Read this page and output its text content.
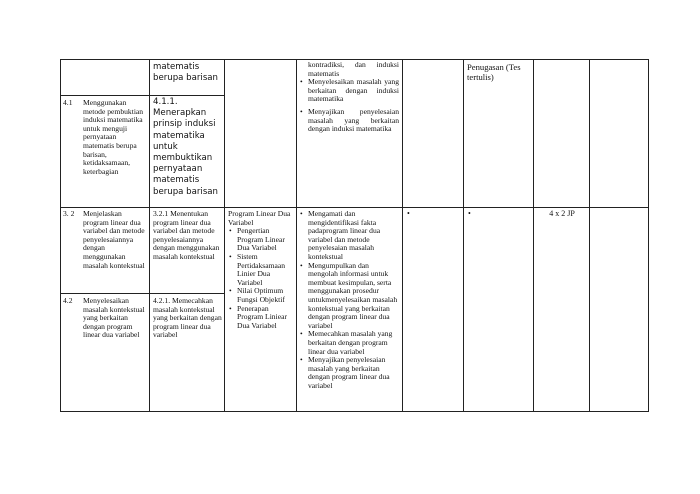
matematis berupa barisan
4.1 Menggunakan metode pembuktian induksi matematika untuk menguji pernyataan matematis berupa barisan, ketidaksamaan, keterbagian
4.1.1. Menerapkan prinsip induksi matematika untuk membuktikan pernyataan matematis berupa barisan
kontradiksi, dan induksi matematis
• Menyelesaikan masalah yang berkaitan dengan induksi matematika
• Menyajikan penyelesaian masalah yang berkaitan dengan induksi matematika
Penugasan (Tes tertulis)
3. 2 Menjelaskan program linear dua variabel dan metode penyelesaiannya dengan menggunakan masalah kontekstual
3.2.1 Menentukan program linear dua variabel dan metode penyelesaiannya dengan menggunakan masalah kontekstual
Program Linear Dua Variabel
• Pengertian Program Linear Dua Variabel
• Sistem Pertidaksamaan Linier Dua Variabel
• Nilai Optimum Fungsi Objektif
• Penerapan Program Liniear Dua Variabel
• Mengamati dan mengidentifikasi fakta padaprogram linear dua variabel dan metode penyelesaian masalah kontekstual
• Mengumpulkan dan mengolah informasi untuk membuat kesimpulan, serta menggunakan prosedur untukmenyelesaikan masalah kontekstual yang berkaitan dengan program linear dua variabel
• Memecahkan masalah yang berkaitan dengan program linear dua variabel
• Menyajikan penyelesaian masalah yang berkaitan dengan program linear dua variabel
4.2 Menyelesaikan masalah kontekstual yang berkaitan dengan program linear dua variabel
4.2.1. Memecahkan masalah kontekstual yang berkaitan dengan program linear dua variabel
•	•	4 x 2 JP
